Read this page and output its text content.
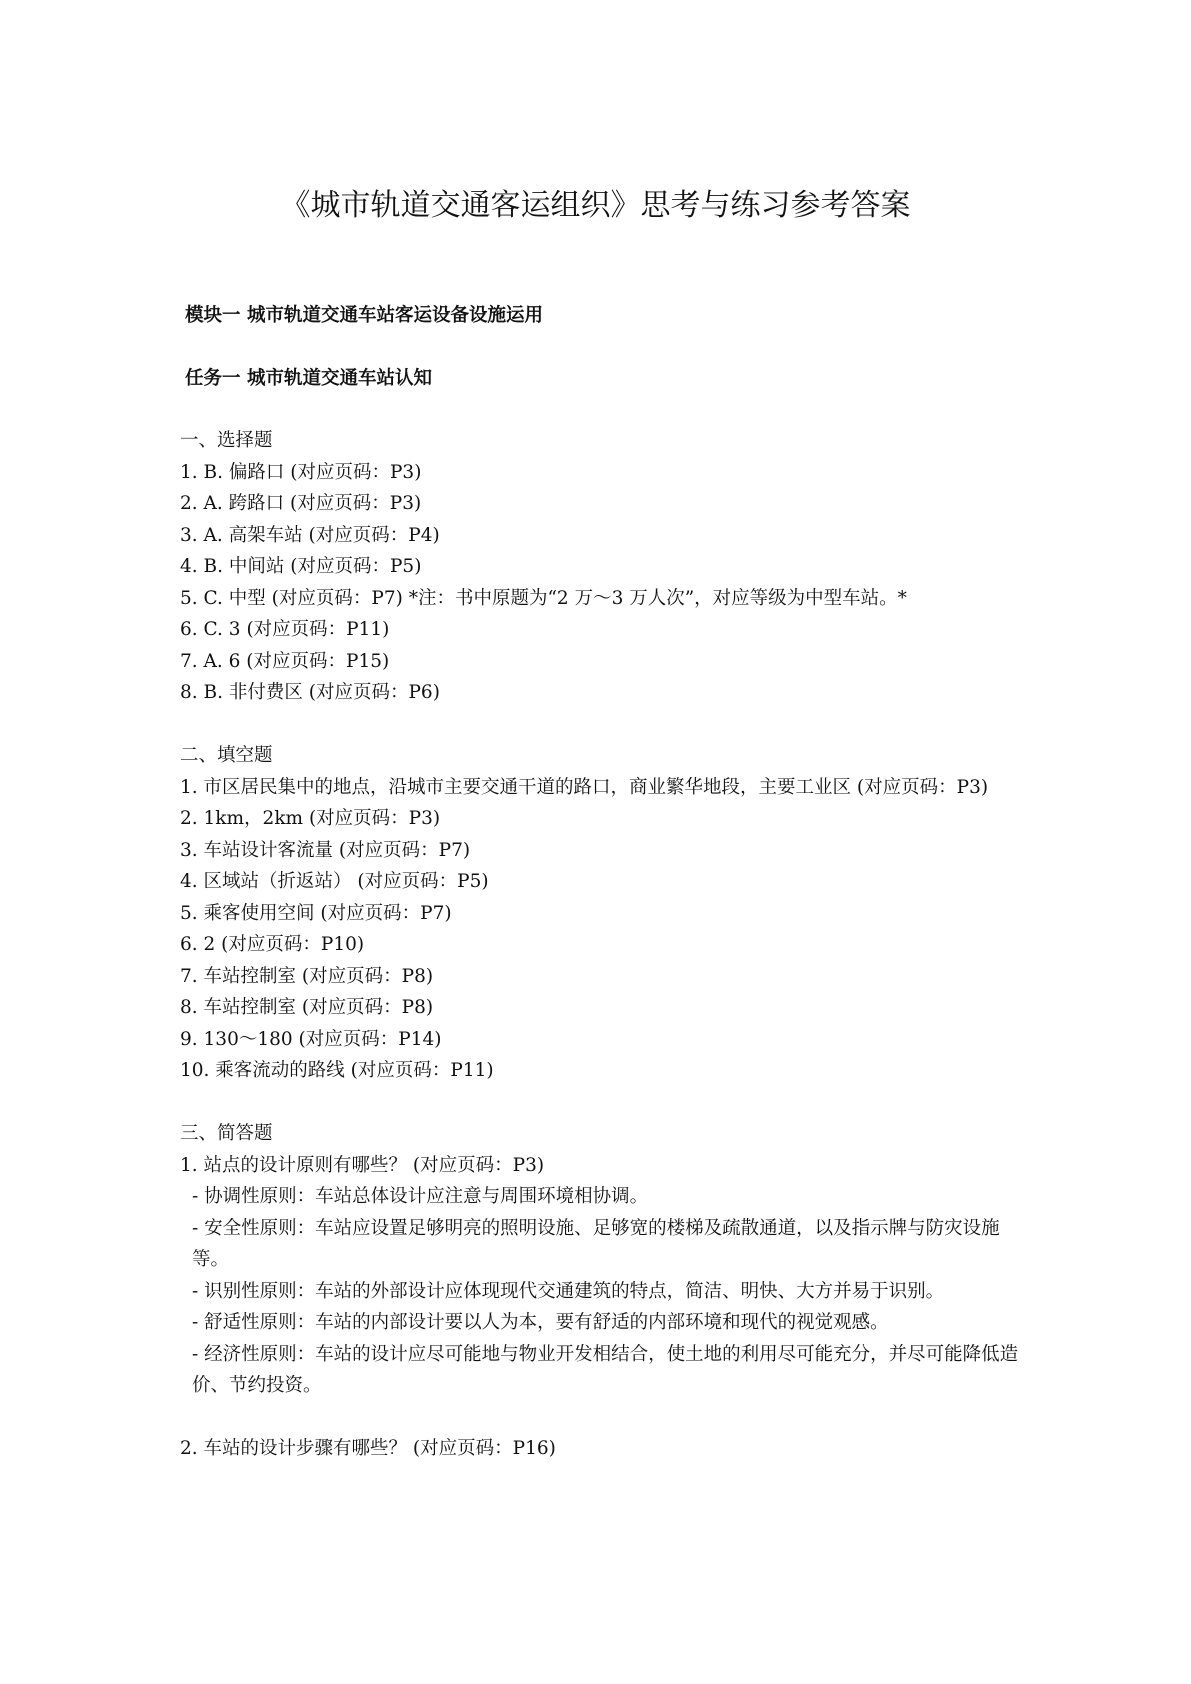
《城市轨道交通客运组织》思考与练习参考答案

模块一 城市轨道交通车站客运设备设施运用

任务一 城市轨道交通车站认知

一、选择题

1. B. 偏路口 (对应页码：P3)

2. A. 跨路口 (对应页码：P3)

3. A. 高架车站 (对应页码：P4)

4. B. 中间站 (对应页码：P5)

5. C. 中型 (对应页码：P7) *注：书中原题为“2 万～3 万人次”，对应等级为中型车站。*

6. C. 3 (对应页码：P11)

7. A. 6 (对应页码：P15)

8. B. 非付费区 (对应页码：P6)

二、填空题

1. 市区居民集中的地点，沿城市主要交通干道的路口，商业繁华地段，主要工业区 (对应页码：P3)

2. 1km，2km (对应页码：P3)

3. 车站设计客流量 (对应页码：P7)

4. 区域站（折返站） (对应页码：P5)

5. 乘客使用空间 (对应页码：P7)

6. 2 (对应页码：P10)

7. 车站控制室 (对应页码：P8)

8. 车站控制室 (对应页码：P8)

9. 130～180 (对应页码：P14)

10. 乘客流动的路线 (对应页码：P11)

三、简答题

1. 站点的设计原则有哪些？ (对应页码：P3)

- 协调性原则：车站总体设计应注意与周围环境相协调。

- 安全性原则：车站应设置足够明亮的照明设施、足够宽的楼梯及疏散通道，以及指示牌与防灾设施等。

- 识别性原则：车站的外部设计应体现现代交通建筑的特点，简洁、明快、大方并易于识别。

- 舒适性原则：车站的内部设计要以人为本，要有舒适的内部环境和现代的视觉观感。

- 经济性原则：车站的设计应尽可能地与物业开发相结合，使土地的利用尽可能充分，并尽可能降低造价、节约投资。

2. 车站的设计步骤有哪些？ (对应页码：P16)
